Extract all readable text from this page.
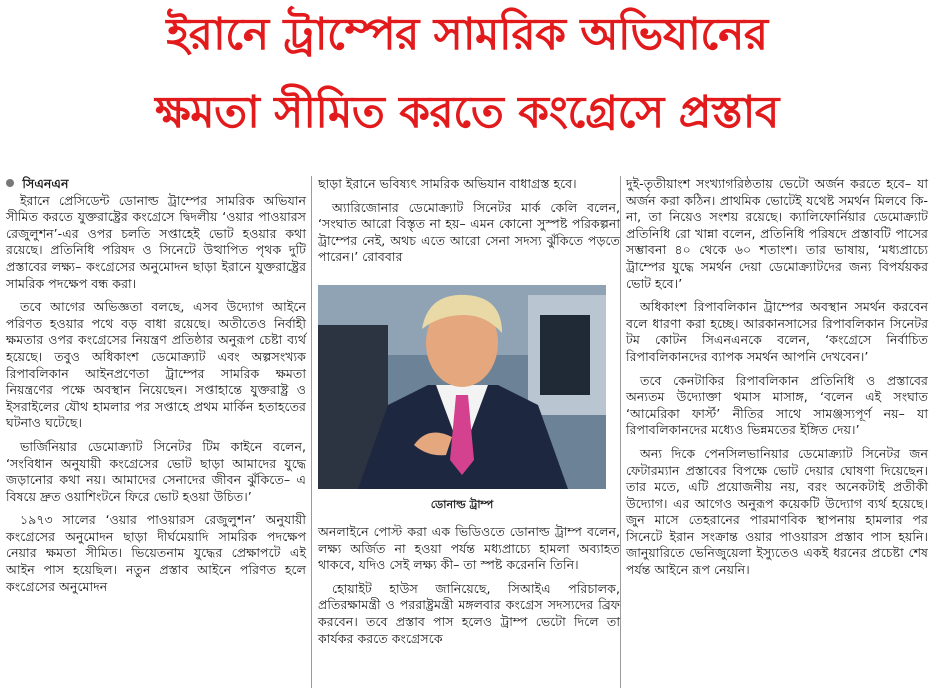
ইরানে ট্রাম্পের সামরিক অভিযানের
ক্ষমতা সীমিত করতে কংগ্রেসে প্রস্তাব
সিএনএন

ইরানে প্রেসিডেন্ট ডোনাল্ড ট্রাম্পের সামরিক অভিযান সীমিত করতে যুক্তরাষ্ট্রের কংগ্রেসে দ্বিদলীয় ‘ওয়ার পাওয়ারস রেজুলুশন’-এর ওপর চলতি সপ্তাহেই ভোট হওয়ার কথা রয়েছে। প্রতিনিধি পরিষদ ও সিনেটে উত্থাপিত পৃথক দুটি প্রস্তাবের লক্ষ্য– কংগ্রেসের অনুমোদন ছাড়া ইরানে যুক্তরাষ্ট্রের সামরিক পদক্ষেপ বন্ধ করা।

তবে আগের অভিজ্ঞতা বলছে, এসব উদ্যোগ আইনে পরিণত হওয়ার পথে বড় বাধা রয়েছে। অতীতেও নির্বাহী ক্ষমতার ওপর কংগ্রেসের নিয়ন্ত্রণ প্রতিষ্ঠার অনুরূপ চেষ্টা ব্যর্থ হয়েছে। তবুও অধিকাংশ ডেমোক্র্যাট এবং অল্পসংখ্যক রিপাবলিকান আইনপ্রণেতা ট্রাম্পের সামরিক ক্ষমতা নিয়ন্ত্রণের পক্ষে অবস্থান নিয়েছেন। সপ্তাহান্তে যুক্তরাষ্ট্র ও ইসরাইলের যৌথ হামলার পর সপ্তাহে প্রথম মার্কিন হতাহতের ঘটনাও ঘটেছে।

ভার্জিনিয়ার ডেমোক্র্যাট সিনেটর টিম কাইনে বলেন, ‘সংবিধান অনুযায়ী কংগ্রেসের ভোট ছাড়া আমাদের যুদ্ধে জড়ানোর কথা নয়। আমাদের সেনাদের জীবন ঝুঁকিতে– এ বিষয়ে দ্রুত ওয়াশিংটনে ফিরে ভোট হওয়া উচিত।’

১৯৭৩ সালের ‘ওয়ার পাওয়ারস রেজুলুশন’ অনুযায়ী কংগ্রেসের অনুমোদন ছাড়া দীর্ঘমেয়াদি সামরিক পদক্ষেপ নেয়ার ক্ষমতা সীমিত। ভিয়েতনাম যুদ্ধের প্রেক্ষাপটে এই আইন পাস হয়েছিল। নতুন প্রস্তাব আইনে পরিণত হলে কংগ্রেসের অনুমোদন

ছাড়া ইরানে ভবিষ্যৎ সামরিক অভিযান বাধাগ্রস্ত হবে।

অ্যারিজোনার ডেমোক্র্যাট সিনেটর মার্ক কেলি বলেন, ‘সংঘাত আরো বিস্তৃত না হয়– এমন কোনো সুস্পষ্ট পরিকল্পনা ট্রাম্পের নেই, অথচ এতে আরো সেনা সদস্য ঝুঁকিতে পড়তে পারেন।’ রোববার

ডোনাল্ড ট্রাম্প

অনলাইনে পোস্ট করা এক ভিডিওতে ডোনাল্ড ট্রাম্প বলেন, লক্ষ্য অর্জিত না হওয়া পর্যন্ত মধ্যপ্রাচ্যে হামলা অব্যাহত থাকবে, যদিও সেই লক্ষ্য কী– তা স্পষ্ট করেননি তিনি।

হোয়াইট হাউস জানিয়েছে, সিআইএ পরিচালক, প্রতিরক্ষামন্ত্রী ও পররাষ্ট্রমন্ত্রী মঙ্গলবার কংগ্রেস সদস্যদের ব্রিফ করবেন। তবে প্রস্তাব পাস হলেও ট্রাম্প ভেটো দিলে তা কার্যকর করতে কংগ্রেসকে

দুই-তৃতীয়াংশ সংখ্যাগরিষ্ঠতায় ভেটো অর্জন করতে হবে– যা অর্জন করা কঠিন। প্রাথমিক ভোটেই যথেষ্ট সমর্থন মিলবে কি-না, তা নিয়েও সংশয় রয়েছে। ক্যালিফোর্নিয়ার ডেমোক্র্যাট প্রতিনিধি রো খান্না বলেন, প্রতিনিধি পরিষদে প্রস্তাবটি পাসের সম্ভাবনা ৪০ থেকে ৬০ শতাংশ। তার ভাষায়, ‘মধ্যপ্রাচ্যে ট্রাম্পের যুদ্ধে সমর্থন দেয়া ডেমোক্র্যাটদের জন্য বিপর্যয়কর ভোট হবে।’

অধিকাংশ রিপাবলিকান ট্রাম্পের অবস্থান সমর্থন করবেন বলে ধারণা করা হচ্ছে। আরকানসাসের রিপাবলিকান সিনেটর টম কোটন সিএনএনকে বলেন, ‘কংগ্রেসে নির্বাচিত রিপাবলিকানদের ব্যাপক সমর্থন আপনি দেখবেন।’

তবে কেনটাকির রিপাবলিকান প্রতিনিধি ও প্রস্তাবের অন্যতম উদ্যোক্তা থমাস মাসাঙ্গ, ‘বলেন এই সংঘাত ‘আমেরিকা ফার্স্ট’ নীতির সাথে সামঞ্জস্যপূর্ণ নয়– যা রিপাবলিকানদের মধ্যেও ভিন্নমতের ইঙ্গিত দেয়।’

অন্য দিকে পেনসিলভানিয়ার ডেমোক্র্যাট সিনেটর জন ফেটারম্যান প্রস্তাবের বিপক্ষে ভোট দেয়ার ঘোষণা দিয়েছেন। তার মতে, এটি প্রয়োজনীয় নয়, বরং অনেকটাই প্রতীকী উদ্যোগ। এর আগেও অনুরূপ কয়েকটি উদ্যোগ ব্যর্থ হয়েছে। জুন মাসে তেহরানের পারমাণবিক স্থাপনায় হামলার পর সিনেটে ইরান সংক্রান্ত ওয়ার পাওয়ারস প্রস্তাব পাস হয়নি। জানুয়ারিতে ভেনিজুয়েলা ইস্যুতেও একই ধরনের প্রচেষ্টা শেষ পর্যন্ত আইনে রূপ নেয়নি।
